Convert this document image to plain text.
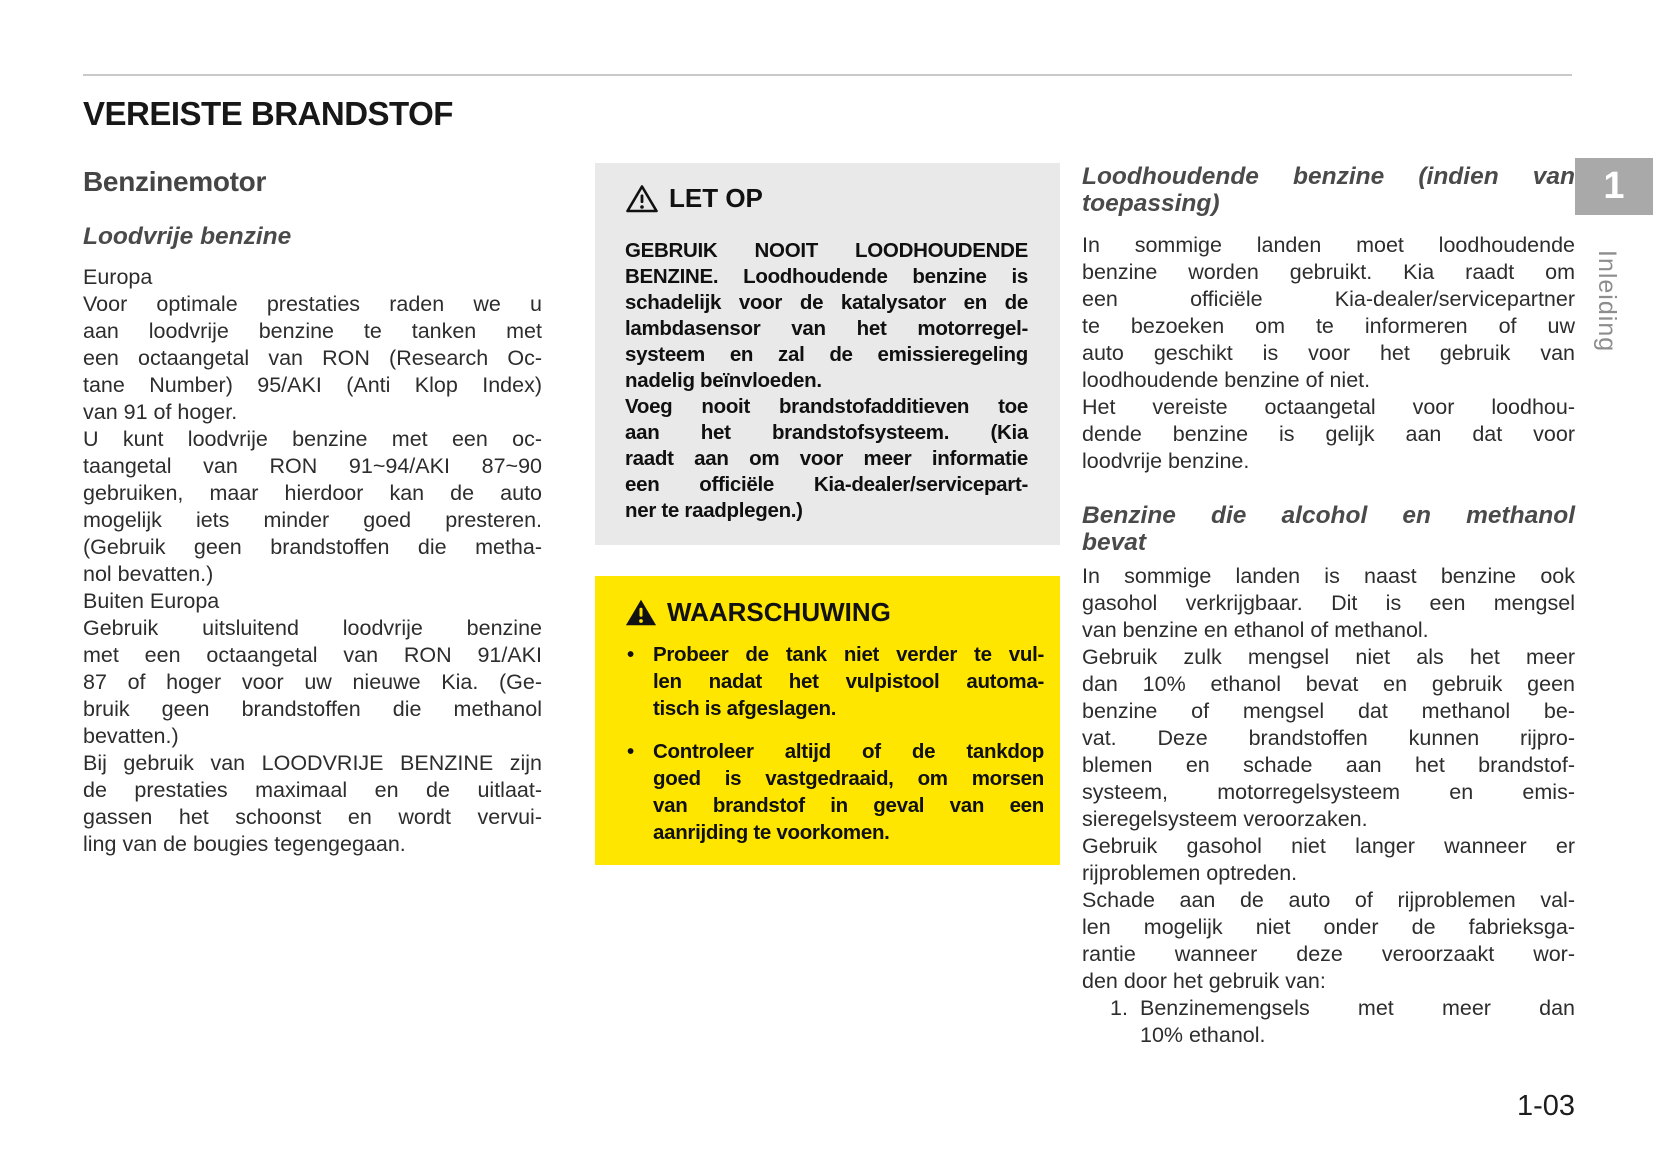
VEREISTE BRANDSTOF
Benzinemotor
Loodvrije benzine
Europa
Voor optimale prestaties raden we u
aan loodvrije benzine te tanken met
een octaangetal van RON (Research Oc-
tane Number) 95/AKI (Anti Klop Index)
van 91 of hoger.
U kunt loodvrije benzine met een oc-
taangetal van RON 91~94/AKI 87~90
gebruiken, maar hierdoor kan de auto
mogelijk iets minder goed presteren.
(Gebruik geen brandstoffen die metha-
nol bevatten.)
Buiten Europa
Gebruik uitsluitend loodvrije benzine
met een octaangetal van RON 91/AKI
87 of hoger voor uw nieuwe Kia. (Ge-
bruik geen brandstoffen die methanol
bevatten.)
Bij gebruik van LOODVRIJE BENZINE zijn
de prestaties maximaal en de uitlaat-
gassen het schoonst en wordt vervui-
ling van de bougies tegengegaan.
LET OP
GEBRUIK NOOIT LOODHOUDENDE
BENZINE. Loodhoudende benzine is
schadelijk voor de katalysator en de
lambdasensor van het motorregel-
systeem en zal de emissieregeling
nadelig beïnvloeden.
Voeg nooit brandstofadditieven toe
aan het brandstofsysteem. (Kia
raadt aan om voor meer informatie
een officiële Kia-dealer/servicepart-
ner te raadplegen.)
WAARSCHUWING
• Probeer de tank niet verder te vul-
len nadat het vulpistool automa-
tisch is afgeslagen.
• Controleer altijd of de tankdop
goed is vastgedraaid, om morsen
van brandstof in geval van een
aanrijding te voorkomen.
Loodhoudende benzine (indien van
toepassing)
In sommige landen moet loodhoudende
benzine worden gebruikt. Kia raadt om
een officiële Kia-dealer/servicepartner
te bezoeken om te informeren of uw
auto geschikt is voor het gebruik van
loodhoudende benzine of niet.
Het vereiste octaangetal voor loodhou-
dende benzine is gelijk aan dat voor
loodvrije benzine.
Benzine die alcohol en methanol
bevat
In sommige landen is naast benzine ook
gasohol verkrijgbaar. Dit is een mengsel
van benzine en ethanol of methanol.
Gebruik zulk mengsel niet als het meer
dan 10% ethanol bevat en gebruik geen
benzine of mengsel dat methanol be-
vat. Deze brandstoffen kunnen rijpro-
blemen en schade aan het brandstof-
systeem, motorregelsysteem en emis-
sieregelsysteem veroorzaken.
Gebruik gasohol niet langer wanneer er
rijproblemen optreden.
Schade aan de auto of rijproblemen val-
len mogelijk niet onder de fabrieksga-
rantie wanneer deze veroorzaakt wor-
den door het gebruik van:
1. Benzinemengsels met meer dan
10% ethanol.
1
Inleiding
1-03
